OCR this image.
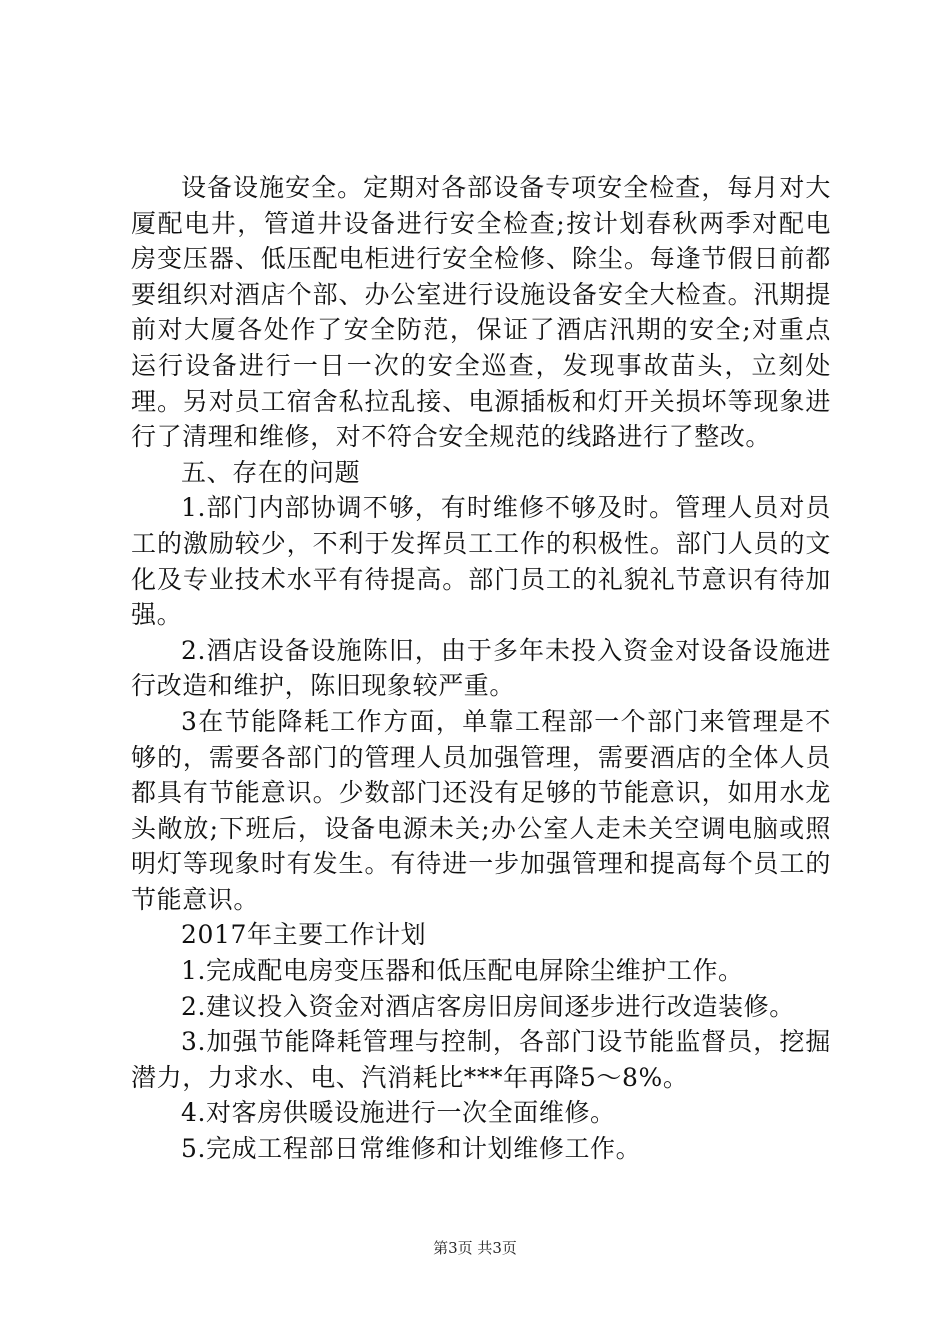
设备设施安全。定期对各部设备专项安全检查，每月对大厦配电井，管道井设备进行安全检查;按计划春秋两季对配电房变压器、低压配电柜进行安全检修、除尘。每逢节假日前都要组织对酒店个部、办公室进行设施设备安全大检查。汛期提前对大厦各处作了安全防范，保证了酒店汛期的安全;对重点运行设备进行一日一次的安全巡查，发现事故苗头，立刻处理。另对员工宿舍私拉乱接、电源插板和灯开关损坏等现象进行了清理和维修，对不符合安全规范的线路进行了整改。

五、存在的问题

1.部门内部协调不够，有时维修不够及时。管理人员对员工的激励较少，不利于发挥员工工作的积极性。部门人员的文化及专业技术水平有待提高。部门员工的礼貌礼节意识有待加强。

2.酒店设备设施陈旧，由于多年未投入资金对设备设施进行改造和维护，陈旧现象较严重。

3在节能降耗工作方面，单靠工程部一个部门来管理是不够的，需要各部门的管理人员加强管理，需要酒店的全体人员都具有节能意识。少数部门还没有足够的节能意识，如用水龙头敞放;下班后，设备电源未关;办公室人走未关空调电脑或照明灯等现象时有发生。有待进一步加强管理和提高每个员工的节能意识。

2017年主要工作计划

1.完成配电房变压器和低压配电屏除尘维护工作。

2.建议投入资金对酒店客房旧房间逐步进行改造装修。

3.加强节能降耗管理与控制，各部门设节能监督员，挖掘潜力，力求水、电、汽消耗比***年再降5～8%。

4.对客房供暖设施进行一次全面维修。

5.完成工程部日常维修和计划维修工作。

第3页 共3页
